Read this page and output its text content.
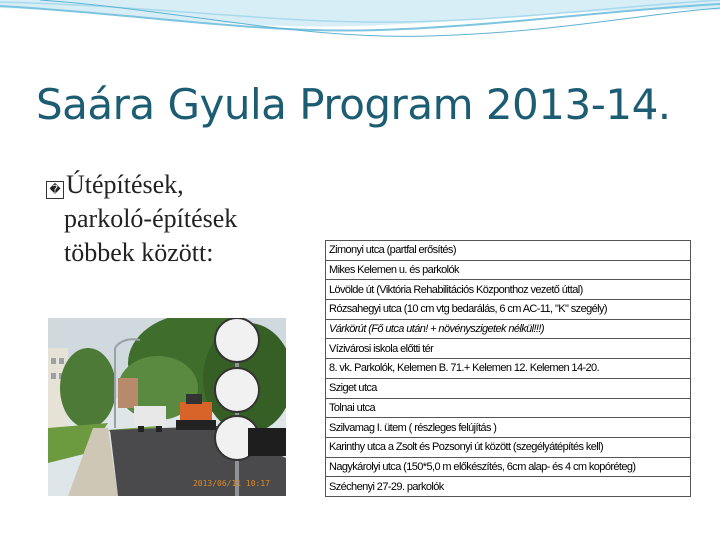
Saára Gyula Program 2013-14.
� Útépítések,
parkoló-építések
többek között:
2013/06/11 10:17
Zimonyi utca (partfal erősítés)
Mikes Kelemen u. és parkolók
Lövölde út (Viktória Rehabilitációs Központhoz vezető úttal)
Rózsahegyi utca (10 cm vtg bedarálás, 6 cm AC-11, "K" szegély)
Várkörút (Fő utca után! + növényszigetek nélkül!!!)
Vízivárosi iskola előtti tér
8. vk. Parkolók, Kelemen B. 71.+ Kelemen 12. Kelemen 14-20.
Sziget utca
Tolnai utca
Szilvamag I. ütem ( részleges felújítás )
Karinthy utca a Zsolt és Pozsonyi út között (szegélyátépítés kell)
Nagykárolyi utca (150*5,0 m előkészítés, 6cm alap- és 4 cm kopóréteg)
Széchenyi 27-29. parkolók
